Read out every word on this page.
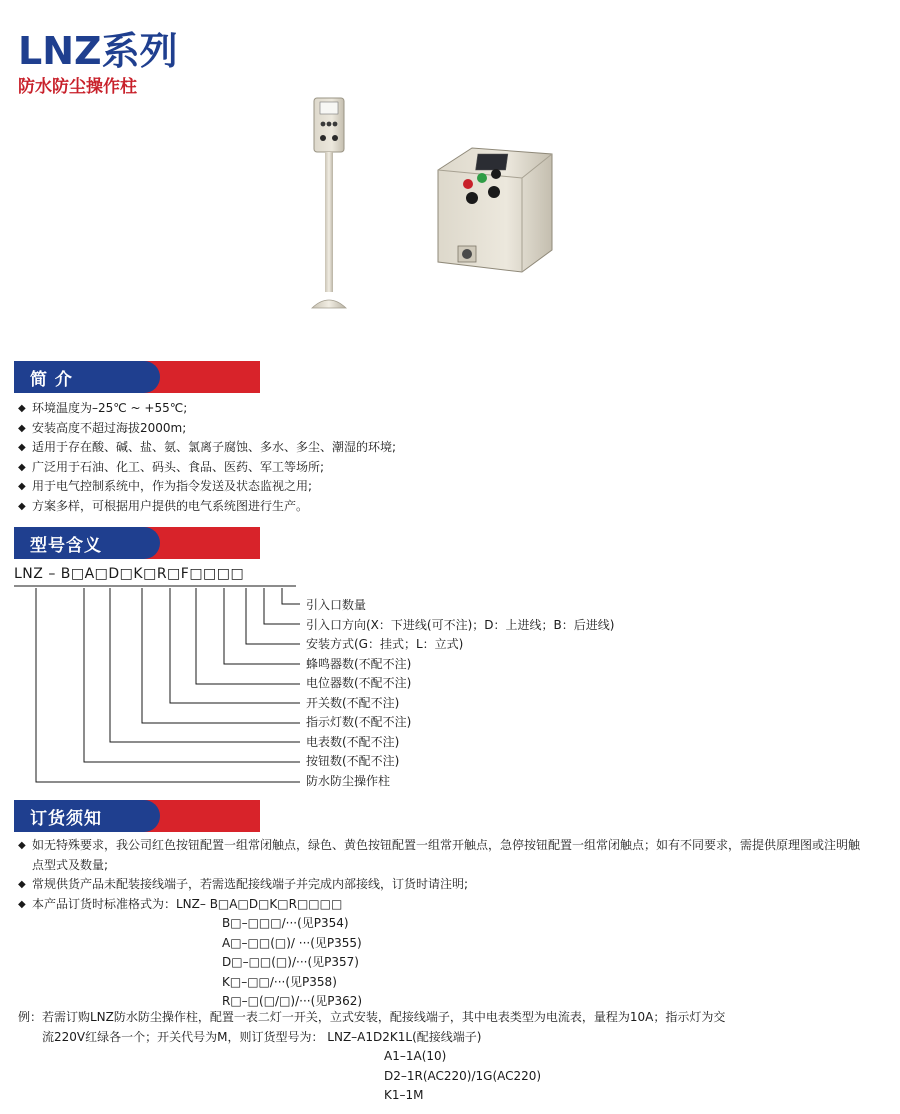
LNZ系列
防水防尘操作柱
简 介
◆ 环境温度为–25℃ ~ +55℃;
◆ 安装高度不超过海拔2000m;
◆ 适用于存在酸、碱、盐、氨、氯离子腐蚀、多水、多尘、潮湿的环境;
◆ 广泛用于石油、化工、码头、食品、医药、军工等场所;
◆ 用于电气控制系统中，作为指令发送及状态监视之用;
◆ 方案多样，可根据用户提供的电气系统图进行生产。
型号含义
LNZ – B□A□D□K□R□F□□□□
引入口数量
引入口方向(X：下进线(可不注)；D：上进线；B：后进线)
安装方式(G：挂式；L：立式)
蜂鸣器数(不配不注)
电位器数(不配不注)
开关数(不配不注)
指示灯数(不配不注)
电表数(不配不注)
按钮数(不配不注)
防水防尘操作柱
订货须知
◆ 如无特殊要求，我公司红色按钮配置一组常闭触点，绿色、黄色按钮配置一组常开触点，急停按钮配置一组常闭触点；如有不同要求，需提供原理图或注明触点型式及数量;
◆ 常规供货产品未配装接线端子，若需选配接线端子并完成内部接线，订货时请注明;
◆ 本产品订货时标准格式为：LNZ– B□A□D□K□R□□□□
B□–□□□/···(见P354)
A□–□□(□)/ ···(见P355)
D□–□□(□)/···(见P357)
K□–□□/···(见P358)
R□–□(□/□)/···(见P362)
例：若需订购LNZ防水防尘操作柱，配置一表二灯一开关，立式安装，配接线端子，其中电表类型为电流表，量程为10A；指示灯为交
流220V红绿各一个；开关代号为M，则订货型号为： LNZ–A1D2K1L(配接线端子)
A1–1A(10)
D2–1R(AC220)/1G(AC220)
K1–1M
